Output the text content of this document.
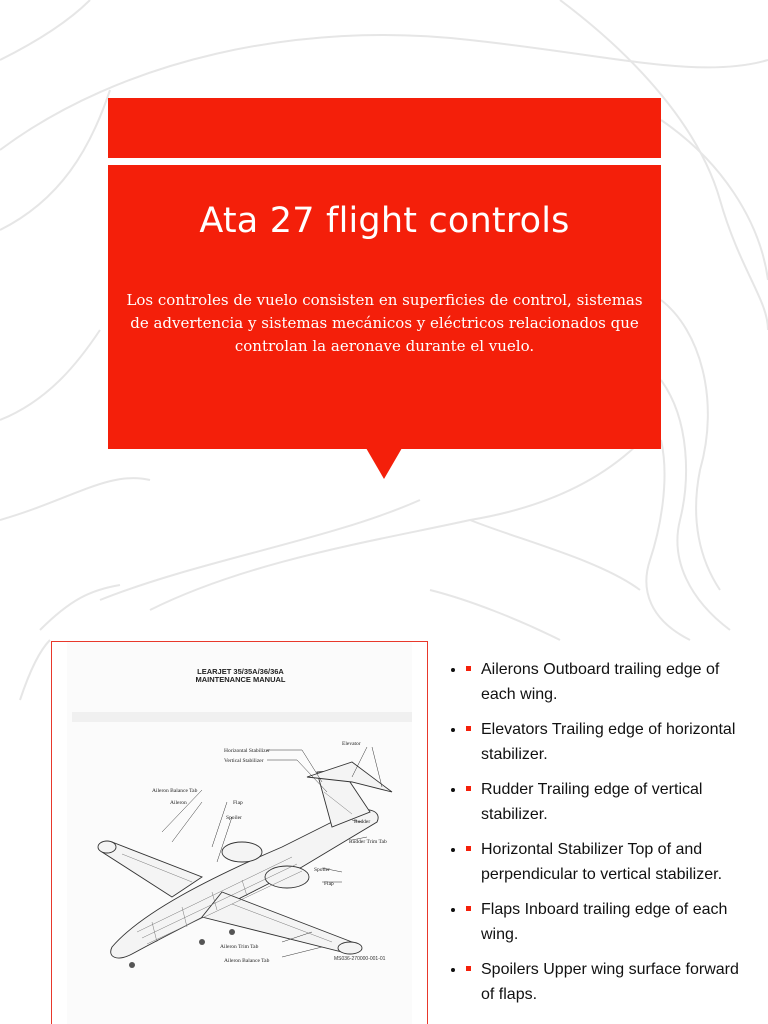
Ata 27 flight controls

Los controles de vuelo consisten en superficies de control, sistemas de advertencia y sistemas mecánicos y eléctricos relacionados que controlan la aeronave durante el vuelo.

LEARJET 35/35A/36/36A
MAINTENANCE MANUAL
Horizontal Stabilizer
Vertical Stabilizer
Elevator
Aileron Balance Tab
Aileron	Flap
Spoiler
Rudder
Rudder Trim Tab
Spoiler
Flap
Aileron Trim Tab
Aileron Balance Tab	MS036-270000-001-01
• Ailerons Outboard trailing edge of each wing.
• Elevators Trailing edge of horizontal stabilizer.
• Rudder Trailing edge of vertical stabilizer.
• Horizontal Stabilizer Top of and perpendicular to vertical stabilizer.
• Flaps Inboard trailing edge of each wing.
• Spoilers Upper wing surface forward of flaps.
